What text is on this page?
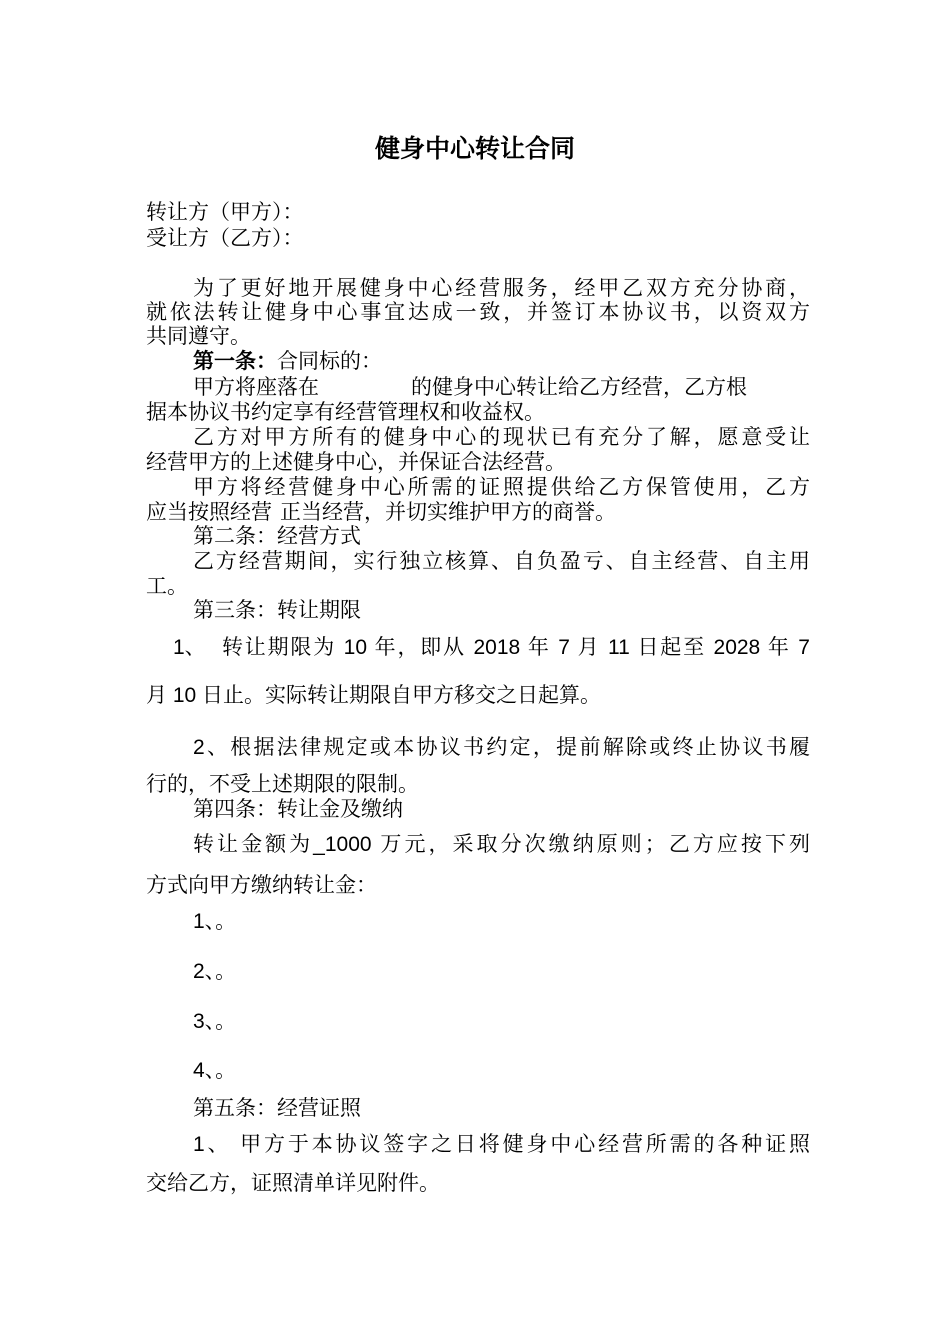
健身中心转让合同
转让方（甲方）：
受让方（乙方）：
为了更好地开展健身中心经营服务，经甲乙双方充分协商，
就依法转让健身中心事宜达成一致，并签订本协议书，以资双方
共同遵守。
第一条：合同标的：
甲方将座落在	的健身中心转让给乙方经营，乙方根
据本协议书约定享有经营管理权和收益权。
乙方对甲方所有的健身中心的现状已有充分了解，愿意受让
经营甲方的上述健身中心，并保证合法经营。
甲方将经营健身中心所需的证照提供给乙方保管使用，乙方
应当按照经营 正当经营，并切实维护甲方的商誉。
第二条：经营方式
乙方经营期间，实行独立核算、自负盈亏、自主经营、自主用
工。
第三条：转让期限
1、 转让期限为 10 年，即从 2018 年 7 月 11 日起至 2028 年 7
月 10 日止。实际转让期限自甲方移交之日起算。
2、根据法律规定或本协议书约定，提前解除或终止协议书履
行的，不受上述期限的限制。
第四条：转让金及缴纳
转让金额为_1000 万元，采取分次缴纳原则；乙方应按下列
方式向甲方缴纳转让金：
1、。
2、。
3、。
4、。
第五条：经营证照
1、 甲方于本协议签字之日将健身中心经营所需的各种证照
交给乙方，证照清单详见附件。
